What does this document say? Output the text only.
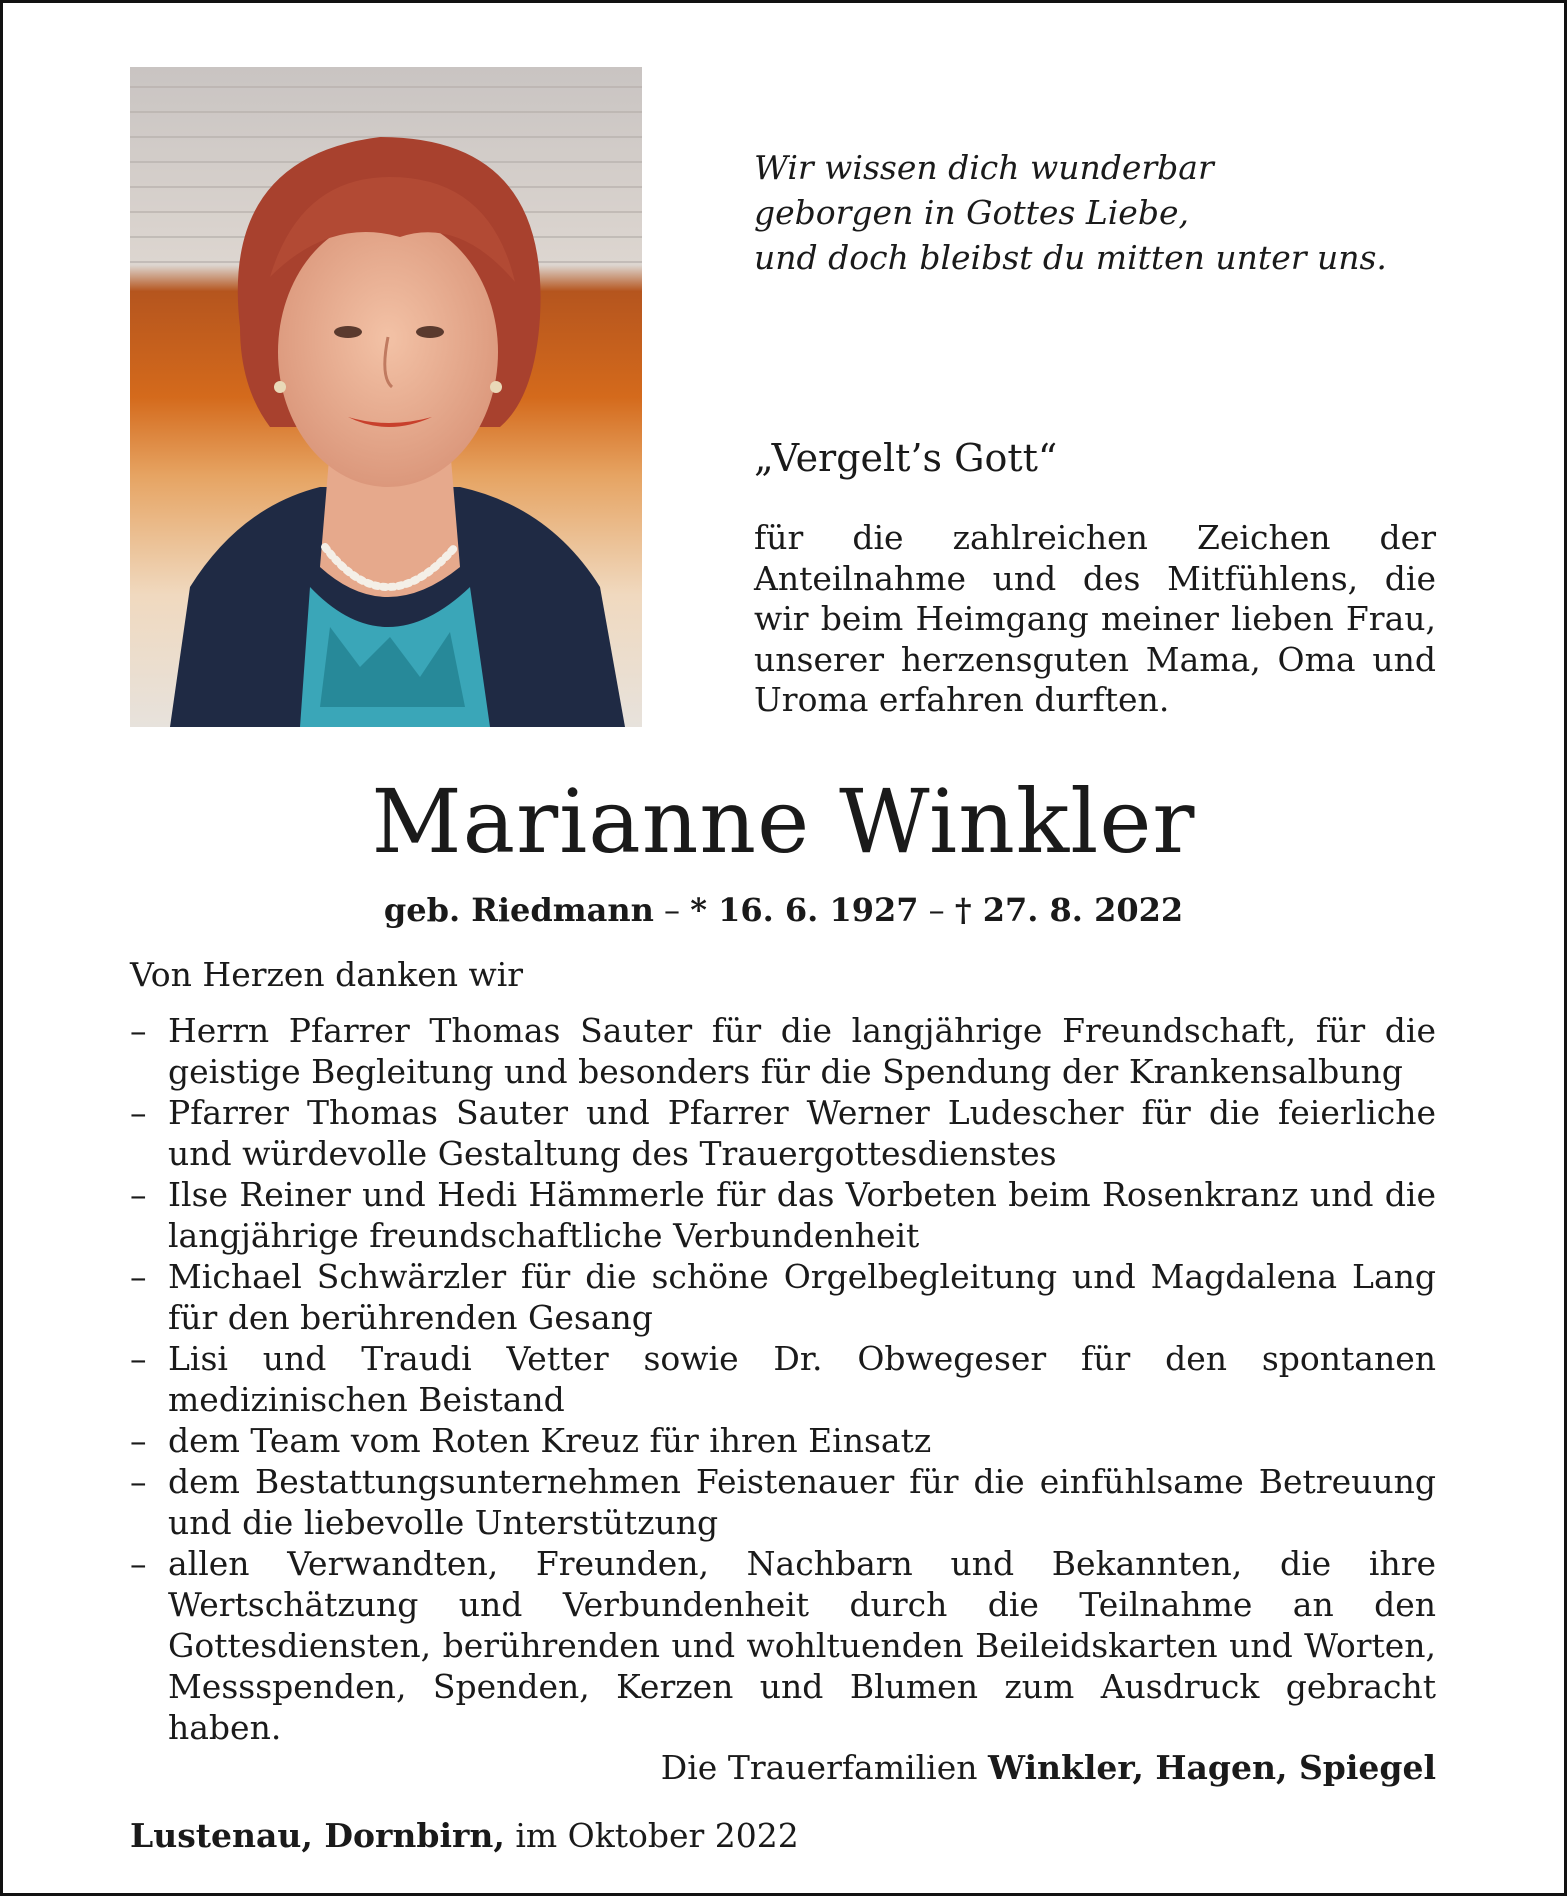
Wir wissen dich wunderbar
geborgen in Gottes Liebe,
und doch bleibst du mitten unter uns.
„Vergelt’s Gott“
für die zahlreichen Zeichen der Anteilnahme und des Mitfühlens, die wir beim Heimgang meiner lieben Frau, unserer herzensguten Mama, Oma und Uroma erfahren durften.
Marianne Winkler
geb. Riedmann – * 16. 6. 1927 – † 27. 8. 2022
Von Herzen danken wir
– Herrn Pfarrer Thomas Sauter für die langjährige Freundschaft, für die geistige Begleitung und besonders für die Spendung der Krankensalbung
– Pfarrer Thomas Sauter und Pfarrer Werner Ludescher für die feierliche und würdevolle Gestaltung des Trauergottesdienstes
– Ilse Reiner und Hedi Hämmerle für das Vorbeten beim Rosenkranz und die langjährige freundschaftliche Verbundenheit
– Michael Schwärzler für die schöne Orgelbegleitung und Magdalena Lang für den berührenden Gesang
– Lisi und Traudi Vetter sowie Dr. Obwegeser für den spontanen medizinischen Beistand
– dem Team vom Roten Kreuz für ihren Einsatz
– dem Bestattungsunternehmen Feistenauer für die einfühlsame Betreuung und die liebevolle Unterstützung
– allen Verwandten, Freunden, Nachbarn und Bekannten, die ihre Wertschätzung und Verbundenheit durch die Teilnahme an den Gottesdiensten, berührenden und wohltuenden Beileidskarten und Worten, Messspenden, Spenden, Kerzen und Blumen zum Ausdruck gebracht haben.
Die Trauerfamilien Winkler, Hagen, Spiegel
Lustenau, Dornbirn, im Oktober 2022
